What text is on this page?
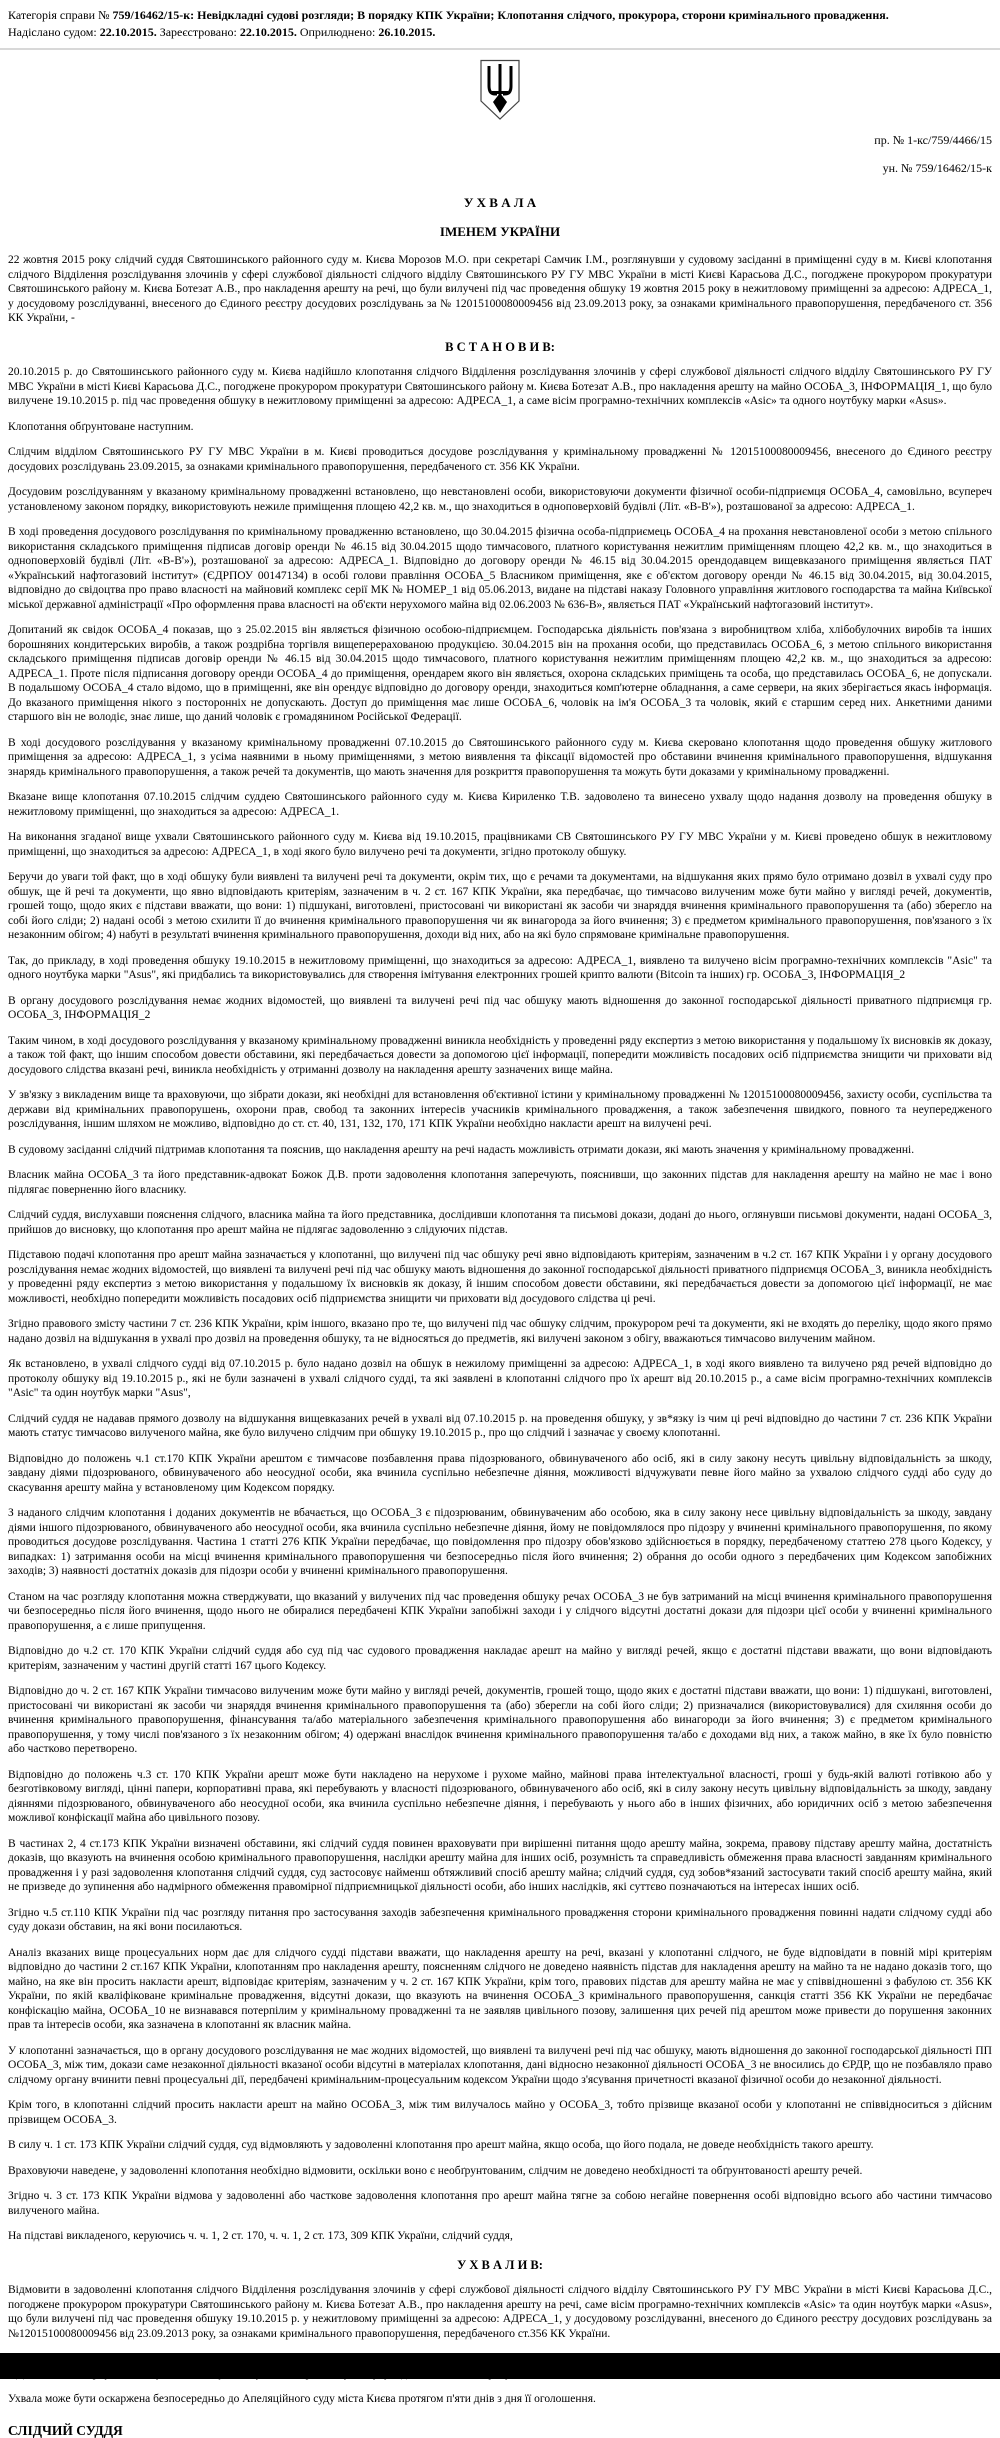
Категорія справи № 759/16462/15-к: Невідкладні судові розгляди; В порядку КПК України; Клопотання слідчого, прокурора, сторони кримінального провадження.
Надіслано судом: 22.10.2015. Зареєстровано: 22.10.2015. Оприлюднено: 26.10.2015.
пр. № 1-кс/759/4466/15
ун. № 759/16462/15-к
У Х В А Л А
ІМЕНЕМ УКРАЇНИ
22 жовтня 2015 року слідчий суддя Святошинського районного суду м. Києва Морозов М.О. при секретарі Самчик І.М., розглянувши у судовому засіданні в приміщенні суду в м. Києві клопотання слідчого Відділення розслідування злочинів у сфері службової діяльності слідчого відділу Святошинського РУ ГУ МВС України в місті Києві Карасьова Д.С., погоджене прокурором прокуратури Святошинського району м. Києва Ботезат А.В., про накладення арешту на речі, що були вилучені під час проведення обшуку 19 жовтня 2015 року в нежитловому приміщенні за адресою: АДРЕСА_1, у досудовому розслідуванні, внесеного до Єдиного реєстру досудових розслідувань за № 12015100080009456 від 23.09.2013 року, за ознаками кримінального правопорушення, передбаченого ст. 356 КК України, -
В С Т А Н О В И В:
20.10.2015 р. до Святошинського районного суду м. Києва надійшло клопотання слідчого Відділення розслідування злочинів у сфері службової діяльності слідчого відділу Святошинського РУ ГУ МВС України в місті Києві Карасьова Д.С., погоджене прокурором прокуратури Святошинського району м. Києва Ботезат А.В., про накладення арешту на майно ОСОБА_3, ІНФОРМАЦІЯ_1, що було вилучене 19.10.2015 р. під час проведення обшуку в нежитловому приміщенні за адресою: АДРЕСА_1, а саме вісім програмно-технічних комплексів «Asic» та одного ноутбуку марки «Asus».
Клопотання обґрунтоване наступним.
Слідчим відділом Святошинського РУ ГУ МВС України в м. Києві проводиться досудове розслідування у кримінальному провадженні № 12015100080009456, внесеного до Єдиного реєстру досудових розслідувань 23.09.2015, за ознаками кримінального правопорушення, передбаченого ст. 356 КК України.
Досудовим розслідуванням у вказаному кримінальному провадженні встановлено, що невстановлені особи, використовуючи документи фізичної особи-підприємця ОСОБА_4, самовільно, всупереч установленому законом порядку, використовують нежиле приміщення площею 42,2 кв. м., що знаходиться в одноповерховій будівлі (Літ. «В-В'»), розташованої за адресою: АДРЕСА_1.
В ході проведення досудового розслідування по кримінальному провадженню встановлено, що 30.04.2015 фізична особа-підприємець ОСОБА_4 на прохання невстановленої особи з метою спільного використання складського приміщення підписав договір оренди № 46.15 від 30.04.2015 щодо тимчасового, платного користування нежитлим приміщенням площею 42,2 кв. м., що знаходиться в одноповерховій будівлі (Літ. «В-В'»), розташованої за адресою: АДРЕСА_1. Відповідно до договору оренди № 46.15 від 30.04.2015 орендодавцем вищевказаного приміщення являється ПАТ «Український нафтогазовий інститут» (ЄДРПОУ 00147134) в особі голови правління ОСОБА_5 Власником приміщення, яке є об'єктом договору оренди № 46.15 від 30.04.2015, від 30.04.2015, відповідно до свідоцтва про право власності на майновий комплекс серії МК № НОМЕР_1 від 05.06.2013, видане на підставі наказу Головного управління житлового господарства та майна Київської міської державної адміністрації «Про оформлення права власності на об'єкти нерухомого майна від 02.06.2003 № 636-В», являється ПАТ «Український нафтогазовий інститут».
Допитаний як свідок ОСОБА_4 показав, що з 25.02.2015 він являється фізичною особою-підприємцем. Господарська діяльність пов'язана з виробництвом хліба, хлібобулочних виробів та інших борошняних кондитерських виробів, а також роздрібна торгівля вищеперерахованою продукцією. 30.04.2015 він на прохання особи, що представилась ОСОБА_6, з метою спільного використання складського приміщення підписав договір оренди № 46.15 від 30.04.2015 щодо тимчасового, платного користування нежитлим приміщенням площею 42,2 кв. м., що знаходиться за адресою: АДРЕСА_1. Проте після підписання договору оренди ОСОБА_4 до приміщення, орендарем якого він являється, охорона складських приміщень та особа, що представилась ОСОБА_6, не допускали. В подальшому ОСОБА_4 стало відомо, що в приміщенні, яке він орендує відповідно до договору оренди, знаходиться комп'ютерне обладнання, а саме сервери, на яких зберігається якась інформація. До вказаного приміщення нікого з посторонніх не допускають. Доступ до приміщення має лише ОСОБА_6, чоловік на ім'я ОСОБА_3 та чоловік, який є старшим серед них. Анкетними даними старшого він не володіє, знає лише, що даний чоловік є громадянином Російської Федерації.
В ході досудового розслідування у вказаному кримінальному провадженні 07.10.2015 до Святошинського районного суду м. Києва скеровано клопотання щодо проведення обшуку житлового приміщення за адресою: АДРЕСА_1, з усіма наявними в ньому приміщеннями, з метою виявлення та фіксації відомостей про обставини вчинення кримінального правопорушення, відшукання знарядь кримінального правопорушення, а також речей та документів, що мають значення для розкриття правопорушення та можуть бути доказами у кримінальному провадженні.
Вказане вище клопотання 07.10.2015 слідчим суддею Святошинського районного суду м. Києва Кириленко Т.В. задоволено та винесено ухвалу щодо надання дозволу на проведення обшуку в нежитловому приміщенні, що знаходиться за адресою: АДРЕСА_1.
На виконання згаданої вище ухвали Святошинського районного суду м. Києва від 19.10.2015, працівниками СВ Святошинського РУ ГУ МВС України у м. Києві проведено обшук в нежитловому приміщенні, що знаходиться за адресою: АДРЕСА_1, в ході якого було вилучено речі та документи, згідно протоколу обшуку.
Беручи до уваги той факт, що в ході обшуку були виявлені та вилучені речі та документи, окрім тих, що є речами та документами, на відшукання яких прямо було отримано дозвіл в ухвалі суду про обшук, ще й речі та документи, що явно відповідають критеріям, зазначеним в ч. 2 ст. 167 КПК України, яка передбачає, що тимчасово вилученим може бути майно у вигляді речей, документів, грошей тощо, щодо яких є підстави вважати, що вони: 1) підшукані, виготовлені, пристосовані чи використані як засоби чи знаряддя вчинення кримінального правопорушення та (або) зберегло на собі його сліди; 2) надані особі з метою схилити її до вчинення кримінального правопорушення чи як винагорода за його вчинення; 3) є предметом кримінального правопорушення, пов'язаного з їх незаконним обігом; 4) набуті в результаті вчинення кримінального правопорушення, доходи від них, або на які було спрямоване кримінальне правопорушення.
Так, до прикладу, в ході проведення обшуку 19.10.2015 в нежитловому приміщенні, що знаходиться за адресою: АДРЕСА_1, виявлено та вилучено вісім програмно-технічних комплексів "Asic" та одного ноутбука марки "Asus", які придбались та використовувались для створення імітування електронних грошей крипто валюти (Bitcoin та інших) гр. ОСОБА_3, ІНФОРМАЦІЯ_2
В органу досудового розслідування немає жодних відомостей, що виявлені та вилучені речі під час обшуку мають відношення до законної господарської діяльності приватного підприємця гр. ОСОБА_3, ІНФОРМАЦІЯ_2
Таким чином, в ході досудового розслідування у вказаному кримінальному провадженні виникла необхідність у проведенні ряду експертиз з метою використання у подальшому їх висновків як доказу, а також той факт, що іншим способом довести обставини, які передбачається довести за допомогою цієї інформації, попередити можливість посадових осіб підприємства знищити чи приховати від досудового слідства вказані речі, виникла необхідність у отриманні дозволу на накладення арешту зазначених вище майна.
У зв'язку з викладеним вище та враховуючи, що зібрати докази, які необхідні для встановлення об'єктивної істини у кримінальному провадженні № 12015100080009456, захисту особи, суспільства та держави від кримінальних правопорушень, охорони прав, свобод та законних інтересів учасників кримінального провадження, а також забезпечення швидкого, повного та неупередженого розслідування, іншим шляхом не можливо, відповідно до ст. ст. 40, 131, 132, 170, 171 КПК України необхідно накласти арешт на вилучені речі.
В судовому засіданні слідчий підтримав клопотання та пояснив, що накладення арешту на речі надасть можливість отримати докази, які мають значення у кримінальному провадженні.
Власник майна ОСОБА_3 та його представник-адвокат Божок Д.В. проти задоволення клопотання заперечують, пояснивши, що законних підстав для накладення арешту на майно не має і воно підлягає поверненню його власнику.
Слідчий суддя, вислухавши пояснення слідчого, власника майна та його представника, дослідивши клопотання та письмові докази, додані до нього, оглянувши письмові документи, надані ОСОБА_3, прийшов до висновку, що клопотання про арешт майна не підлягає задоволенню з слідуючих підстав.
Підставою подачі клопотання про арешт майна зазначається у клопотанні, що вилучені під час обшуку речі явно відповідають критеріям, зазначеним в ч.2 ст. 167 КПК України і у органу досудового розслідування немає жодних відомостей, що виявлені та вилучені речі під час обшуку мають відношення до законної господарської діяльності приватного підприємця ОСОБА_3, виникла необхідність у проведенні ряду експертиз з метою використання у подальшому їх висновків як доказу, й іншим способом довести обставини, які передбачається довести за допомогою цієї інформації, не має можливості, необхідно попередити можливість посадових осіб підприємства знищити чи приховати від досудового слідства ці речі.
Згідно правового змісту частини 7 ст. 236 КПК України, крім іншого, вказано про те, що вилучені під час обшуку слідчим, прокурором речі та документи, які не входять до переліку, щодо якого прямо надано дозвіл на відшукання в ухвалі про дозвіл на проведення обшуку, та не відносяться до предметів, які вилучені законом з обігу, вважаються тимчасово вилученим майном.
Як встановлено, в ухвалі слідчого судді від 07.10.2015 р. було надано дозвіл на обшук в нежилому приміщенні за адресою: АДРЕСА_1, в ході якого виявлено та вилучено ряд речей відповідно до протоколу обшуку від 19.10.2015 р., які не були зазначені в ухвалі слідчого судді, та які заявлені в клопотанні слідчого про їх арешт від 20.10.2015 р., а саме вісім програмно-технічних комплексів "Asic" та один ноутбук марки "Asus",
Слідчий суддя не надавав прямого дозволу на відшукання вищевказаних речей в ухвалі від 07.10.2015 р. на проведення обшуку, у зв*язку із чим ці речі відповідно до частини 7 ст. 236 КПК України мають статус тимчасово вилученого майна, яке було вилучено слідчим при обшуку 19.10.2015 р., про що слідчий і зазначає у своєму клопотанні.
Відповідно до положень ч.1 ст.170 КПК України арештом є тимчасове позбавлення права підозрюваного, обвинуваченого або осіб, які в силу закону несуть цивільну відповідальність за шкоду, завдану діями підозрюваного, обвинуваченого або неосудної особи, яка вчинила суспільно небезпечне діяння, можливості відчужувати певне його майно за ухвалою слідчого судді або суду до скасування арешту майна у встановленому цим Кодексом порядку.
З наданого слідчим клопотання і доданих документів не вбачається, що ОСОБА_3 є підозрюваним, обвинуваченим або особою, яка в силу закону несе цивільну відповідальність за шкоду, завдану діями іншого підозрюваного, обвинуваченого або неосудної особи, яка вчинила суспільно небезпечне діяння, йому не повідомлялося про підозру у вчиненні кримінального правопорушення, по якому проводиться досудове розслідування. Частина 1 статті 276 КПК України передбачає, що повідомлення про підозру обов'язково здійснюється в порядку, передбаченому статтею 278 цього Кодексу, у випадках: 1) затримання особи на місці вчинення кримінального правопорушення чи безпосередньо після його вчинення; 2) обрання до особи одного з передбачених цим Кодексом запобіжних заходів; 3) наявності достатніх доказів для підозри особи у вчиненні кримінального правопорушення.
Станом на час розгляду клопотання можна стверджувати, що вказаний у вилучених під час проведення обшуку речах ОСОБА_3 не був затриманий на місці вчинення кримінального правопорушення чи безпосередньо після його вчинення, щодо нього не обиралися передбачені КПК України запобіжні заходи і у слідчого відсутні достатні докази для підозри цієї особи у вчиненні кримінального правопорушення, а є лише припущення.
Відповідно до ч.2 ст. 170 КПК України слідчий суддя або суд під час судового провадження накладає арешт на майно у вигляді речей, якщо є достатні підстави вважати, що вони відповідають критеріям, зазначеним у частині другій статті 167 цього Кодексу.
Відповідно до ч. 2 ст. 167 КПК України тимчасово вилученим може бути майно у вигляді речей, документів, грошей тощо, щодо яких є достатні підстави вважати, що вони: 1) підшукані, виготовлені, пристосовані чи використані як засоби чи знаряддя вчинення кримінального правопорушення та (або) зберегли на собі його сліди; 2) призначалися (використовувалися) для схиляння особи до вчинення кримінального правопорушення, фінансування та/або матеріального забезпечення кримінального правопорушення або винагороди за його вчинення; 3) є предметом кримінального правопорушення, у тому числі пов'язаного з їх незаконним обігом; 4) одержані внаслідок вчинення кримінального правопорушення та/або є доходами від них, а також майно, в яке їх було повністю або частково перетворено.
Відповідно до положень ч.3 ст. 170 КПК України арешт може бути накладено на нерухоме і рухоме майно, майнові права інтелектуальної власності, гроші у будь-якій валюті готівкою або у безготівковому вигляді, цінні папери, корпоративні права, які перебувають у власності підозрюваного, обвинуваченого або осіб, які в силу закону несуть цивільну відповідальність за шкоду, завдану діяннями підозрюваного, обвинуваченого або неосудної особи, яка вчинила суспільно небезпечне діяння, і перебувають у нього або в інших фізичних, або юридичних осіб з метою забезпечення можливої конфіскації майна або цивільного позову.
В частинах 2, 4 ст.173 КПК України визначені обставини, які слідчий суддя повинен враховувати при вирішенні питання щодо арешту майна, зокрема, правову підставу арешту майна, достатність доказів, що вказують на вчинення особою кримінального правопорушення, наслідки арешту майна для інших осіб, розумність та справедливість обмеження права власності завданням кримінального провадження і у разі задоволення клопотання слідчий суддя, суд застосовує найменш обтяжливий спосіб арешту майна; слідчий суддя, суд зобов*язаний застосувати такий спосіб арешту майна, який не призведе до зупинення або надмірного обмеження правомірної підприємницької діяльності особи, або інших наслідків, які суттєво позначаються на інтересах інших осіб.
Згідно ч.5 ст.110 КПК України під час розгляду питання про застосування заходів забезпечення кримінального провадження сторони кримінального провадження повинні надати слідчому судді або суду докази обставин, на які вони посилаються.
Аналіз вказаних вище процесуальних норм дає для слідчого судді підстави вважати, що накладення арешту на речі, вказані у клопотанні слідчого, не буде відповідати в повній мірі критеріям відповідно до частини 2 ст.167 КПК України, клопотанням про накладення арешту, поясненням слідчого не доведено наявність підстав для накладення арешту на майно та не надано доказів того, що майно, на яке він просить накласти арешт, відповідає критеріям, зазначеним у ч. 2 ст. 167 КПК України, крім того, правових підстав для арешту майна не має у співвідношенні з фабулою ст. 356 КК України, по якій кваліфіковане кримінальне провадження, відсутні докази, що вказують на вчинення ОСОБА_3 кримінального правопорушення, санкція статті 356 КК України не передбачає конфіскацію майна, ОСОБА_10 не визнавався потерпілим у кримінальному провадженні та не заявляв цивільного позову, залишення цих речей під арештом може привести до порушення законних прав та інтересів особи, яка зазначена в клопотанні як власник майна.
У клопотанні зазначається, що в органу досудового розслідування не має жодних відомостей, що виявлені та вилучені речі під час обшуку, мають відношення до законної господарської діяльності ПП ОСОБА_3, між тим, докази саме незаконної діяльності вказаної особи відсутні в матеріалах клопотання, дані відносно незаконної діяльності ОСОБА_3 не вносились до ЄРДР, що не позбавляло право слідчому органу вчинити певні процесуальні дії, передбачені кримінальним-процесуальним кодексом України щодо з'ясування причетності вказаної фізичної особи до незаконної діяльності.
Крім того, в клопотанні слідчий просить накласти арешт на майно ОСОБА_3, між тим вилучалось майно у ОСОБА_3, тобто прізвище вказаної особи у клопотанні не співвідноситься з дійсним прізвищем ОСОБА_3.
В силу ч. 1 ст. 173 КПК України слідчий суддя, суд відмовляють у задоволенні клопотання про арешт майна, якщо особа, що його подала, не доведе необхідність такого арешту.
Враховуючи наведене, у задоволенні клопотання необхідно відмовити, оскільки воно є необґрунтованим, слідчим не доведено необхідності та обґрунтованості арешту речей.
Згідно ч. 3 ст. 173 КПК України відмова у задоволенні або часткове задоволення клопотання про арешт майна тягне за собою негайне повернення особі відповідно всього або частини тимчасово вилученого майна.
На підставі викладеного, керуючись ч. ч. 1, 2 ст. 170, ч. ч. 1, 2 ст. 173, 309 КПК України, слідчий суддя,
У Х В А Л И В:
Відмовити в задоволенні клопотання слідчого Відділення розслідування злочинів у сфері службової діяльності слідчого відділу Святошинського РУ ГУ МВС України в місті Києві Карасьова Д.С., погоджене прокурором прокуратури Святошинського району м. Києва Ботезат А.В., про накладення арешту на речі, саме вісім програмно-технічних комплексів «Asic» та один ноутбук марки «Asus», що були вилучені під час проведення обшуку 19.10.2015 р. у нежитловому приміщенні за адресою: АДРЕСА_1, у досудовому розслідуванні, внесеного до Єдиного реєстру досудових розслідувань за №12015100080009456 від 23.09.2013 року, за ознаками кримінального правопорушення, передбаченого ст.356 КК України.
Ухвала може бути оскаржена безпосередньо до Апеляційного суду міста Києва протягом п'яти днів з дня її оголошення.
СЛІДЧИЙ СУДДЯ
